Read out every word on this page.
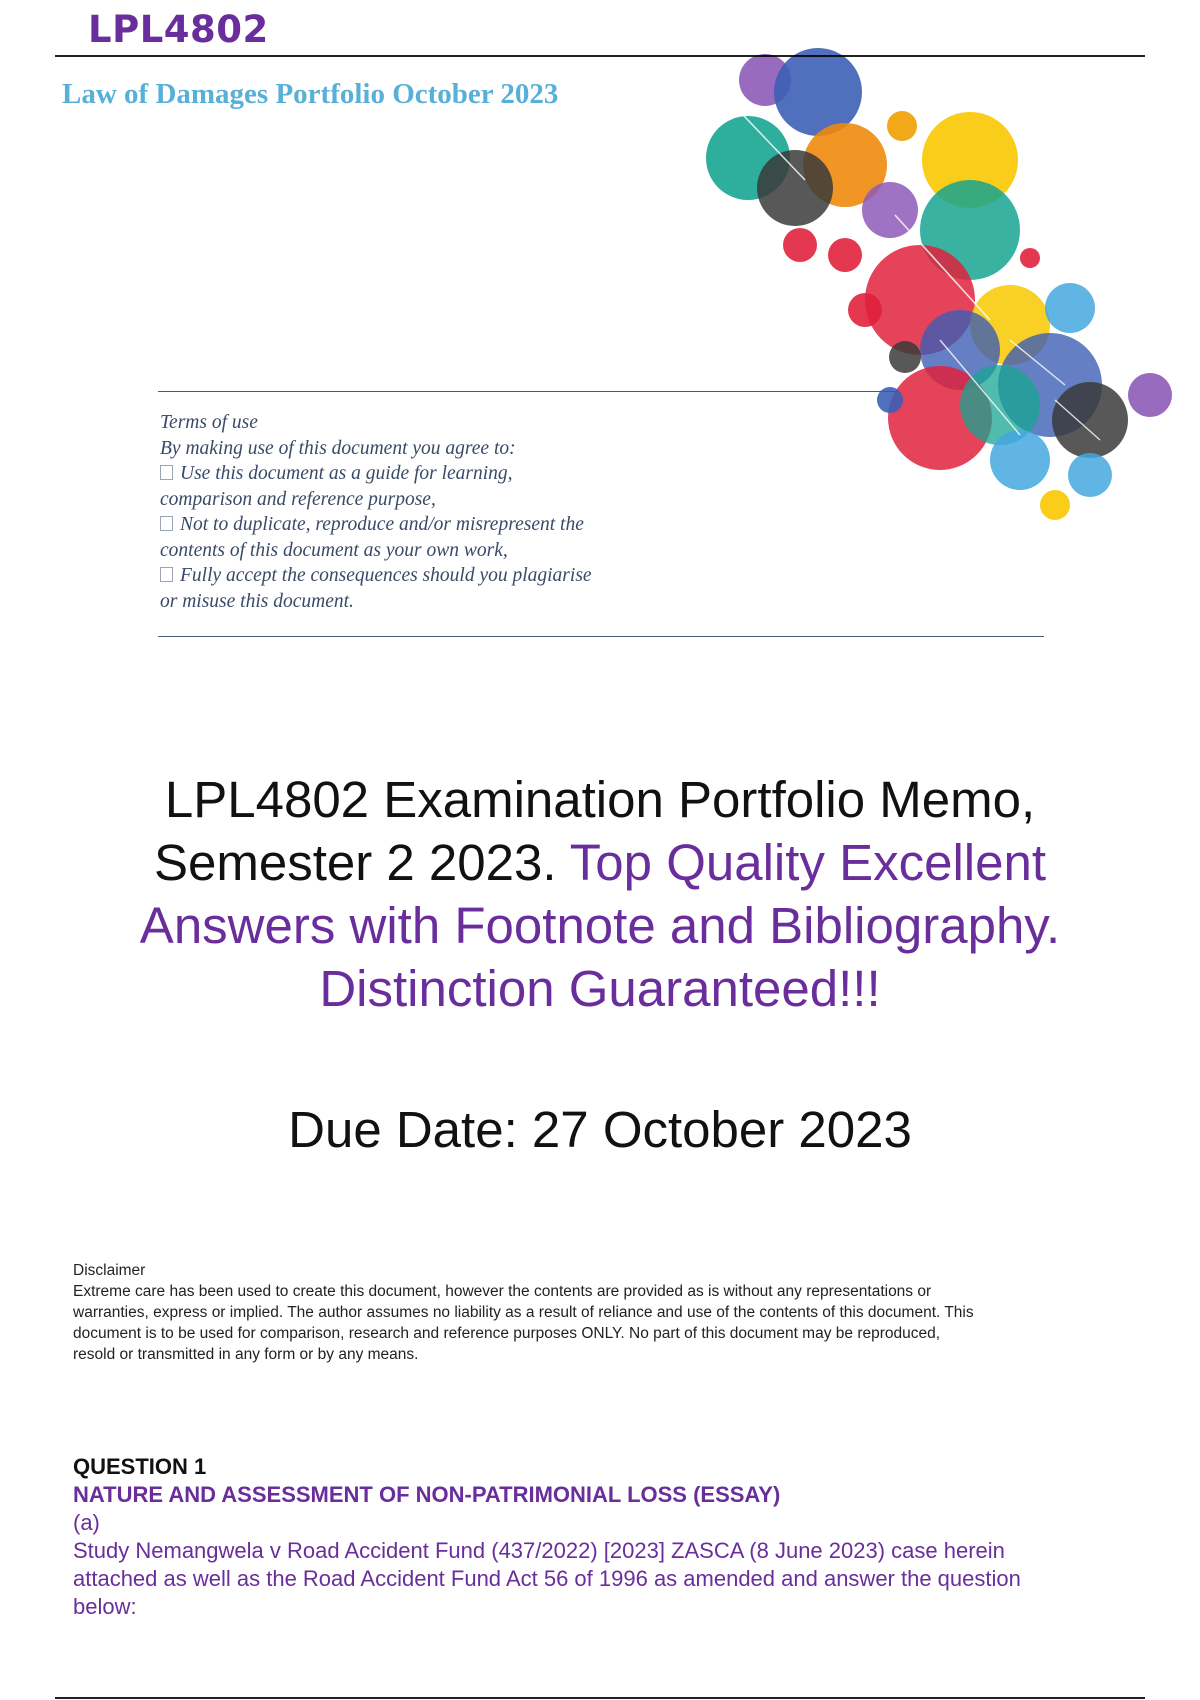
LPL4802
Law of Damages Portfolio October 2023
Terms of use
By making use of this document you agree to:
Use this document as a guide for learning,
comparison and reference purpose,
Not to duplicate, reproduce and/or misrepresent the
contents of this document as your own work,
Fully accept the consequences should you plagiarise
or misuse this document.
LPL4802 Examination Portfolio Memo,
Semester 2 2023. Top Quality Excellent
Answers with Footnote and Bibliography.
Distinction Guaranteed!!!
Due Date: 27 October 2023
Disclaimer
Extreme care has been used to create this document, however the contents are provided as is without any representations or
warranties, express or implied. The author assumes no liability as a result of reliance and use of the contents of this document. This
document is to be used for comparison, research and reference purposes ONLY. No part of this document may be reproduced,
resold or transmitted in any form or by any means.
QUESTION 1
NATURE AND ASSESSMENT OF NON-PATRIMONIAL LOSS (ESSAY)
(a)
Study Nemangwela v Road Accident Fund (437/2022) [2023] ZASCA (8 June 2023) case herein
attached as well as the Road Accident Fund Act 56 of 1996 as amended and answer the question
below:
